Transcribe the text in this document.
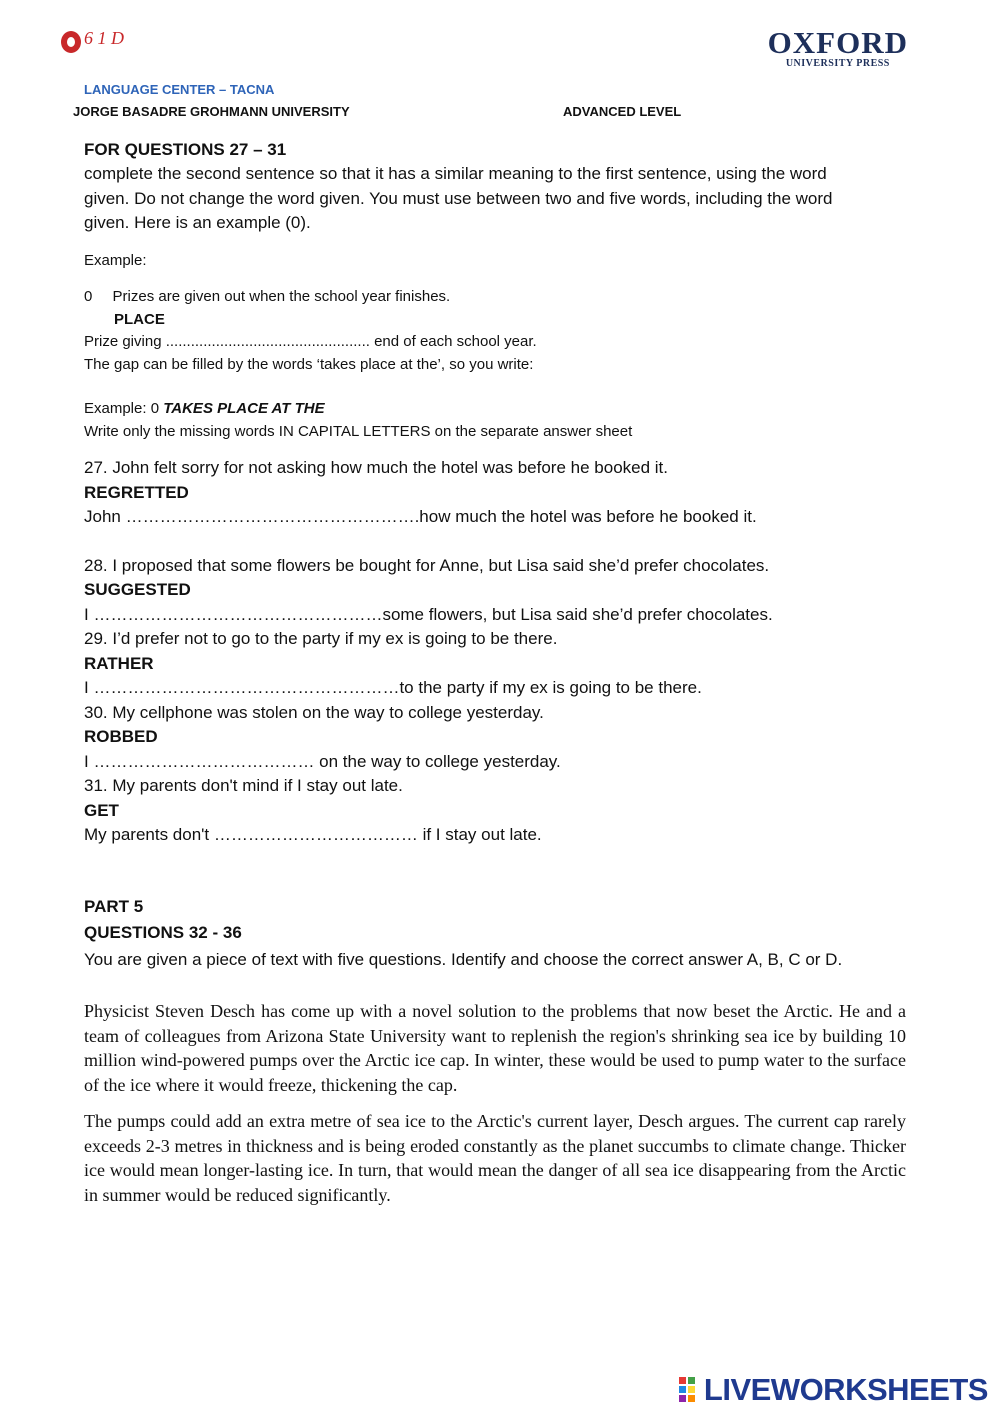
6 1 D	OXFORD
UNIVERSITY PRESS
LANGUAGE CENTER – TACNA
JORGE BASADRE GROHMANN UNIVERSITY	ADVANCED LEVEL
FOR QUESTIONS 27 – 31
complete the second sentence so that it has a similar meaning to the first sentence, using the word given. Do not change the word given. You must use between two and five words, including the word given. Here is an example (0).
Example:
0 Prizes are given out when the school year finishes.
PLACE
Prize giving ................................................. end of each school year.
The gap can be filled by the words ‘takes place at the’, so you write:
Example: 0 TAKES PLACE AT THE
Write only the missing words IN CAPITAL LETTERS on the separate answer sheet
27. John felt sorry for not asking how much the hotel was before he booked it.
REGRETTED
John …………………………………………….how much the hotel was before he booked it.
28. I proposed that some flowers be bought for Anne, but Lisa said she’d prefer chocolates.
SUGGESTED
I ……………………………………………some flowers, but Lisa said she’d prefer chocolates.
29. I’d prefer not to go to the party if my ex is going to be there.
RATHER
I ………………………………………………to the party if my ex is going to be there.
30. My cellphone was stolen on the way to college yesterday.
ROBBED
I ………………………………… on the way to college yesterday.
31. My parents don't mind if I stay out late.
GET
My parents don't ……………………………… if I stay out late.
PART 5
QUESTIONS 32 - 36
You are given a piece of text with five questions. Identify and choose the correct answer A, B, C or D.
Physicist Steven Desch has come up with a novel solution to the problems that now beset the Arctic. He and a team of colleagues from Arizona State University want to replenish the region's shrinking sea ice by building 10 million wind-powered pumps over the Arctic ice cap. In winter, these would be used to pump water to the surface of the ice where it would freeze, thickening the cap.
The pumps could add an extra metre of sea ice to the Arctic's current layer, Desch argues. The current cap rarely exceeds 2-3 metres in thickness and is being eroded constantly as the planet succumbs to climate change. Thicker ice would mean longer-lasting ice. In turn, that would mean the danger of all sea ice disappearing from the Arctic in summer would be reduced significantly.
LIVEWORKSHEETS
